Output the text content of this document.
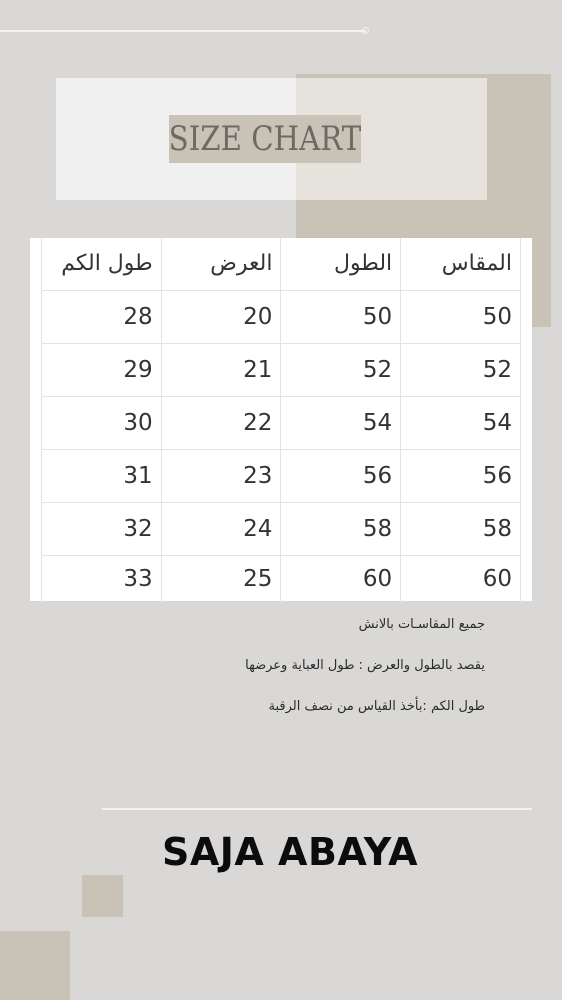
SIZE CHART
طول الكم	العرض	الطول	المقاس
28	20	50	50
29	21	52	52
30	22	54	54
31	23	56	56
32	24	58	58
33	25	60	60
جميع المقاسـات بالانش
يقصد بالطول والعرض : طول العباية وعرضها
طول الكم :بأخذ القياس من نصف الرقبة
SAJA ABAYA
